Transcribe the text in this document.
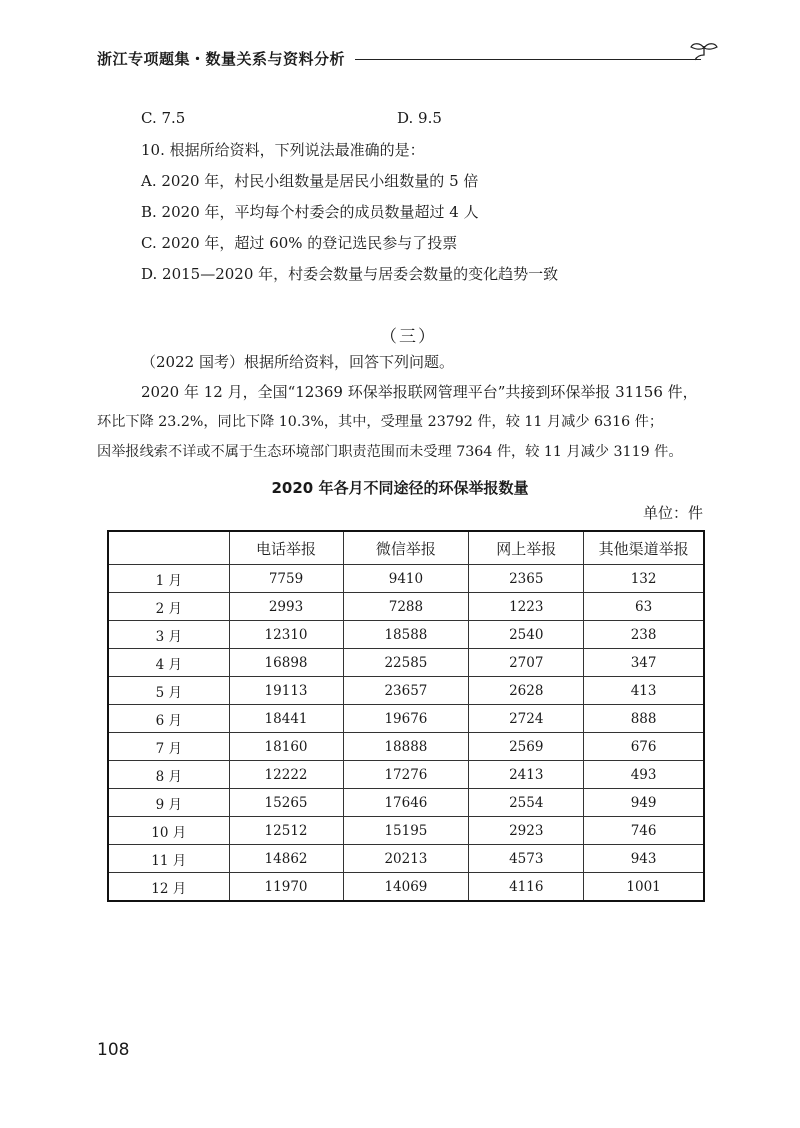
浙江专项题集・数量关系与资料分析
C. 7.5	D. 9.5
10. 根据所给资料，下列说法最准确的是：
A. 2020 年，村民小组数量是居民小组数量的 5 倍
B. 2020 年，平均每个村委会的成员数量超过 4 人
C. 2020 年，超过 60% 的登记选民参与了投票
D. 2015—2020 年，村委会数量与居委会数量的变化趋势一致
（三）
（2022 国考）根据所给资料，回答下列问题。
2020 年 12 月，全国“12369 环保举报联网管理平台”共接到环保举报 31156 件，
环比下降 23.2%，同比下降 10.3%，其中，受理量 23792 件，较 11 月减少 6316 件；
因举报线索不详或不属于生态环境部门职责范围而未受理 7364 件，较 11 月减少 3119 件。
2020 年各月不同途径的环保举报数量
单位：件
	电话举报	微信举报	网上举报	其他渠道举报
1 月	7759	9410	2365	132
2 月	2993	7288	1223	63
3 月	12310	18588	2540	238
4 月	16898	22585	2707	347
5 月	19113	23657	2628	413
6 月	18441	19676	2724	888
7 月	18160	18888	2569	676
8 月	12222	17276	2413	493
9 月	15265	17646	2554	949
10 月	12512	15195	2923	746
11 月	14862	20213	4573	943
12 月	11970	14069	4116	1001
108
